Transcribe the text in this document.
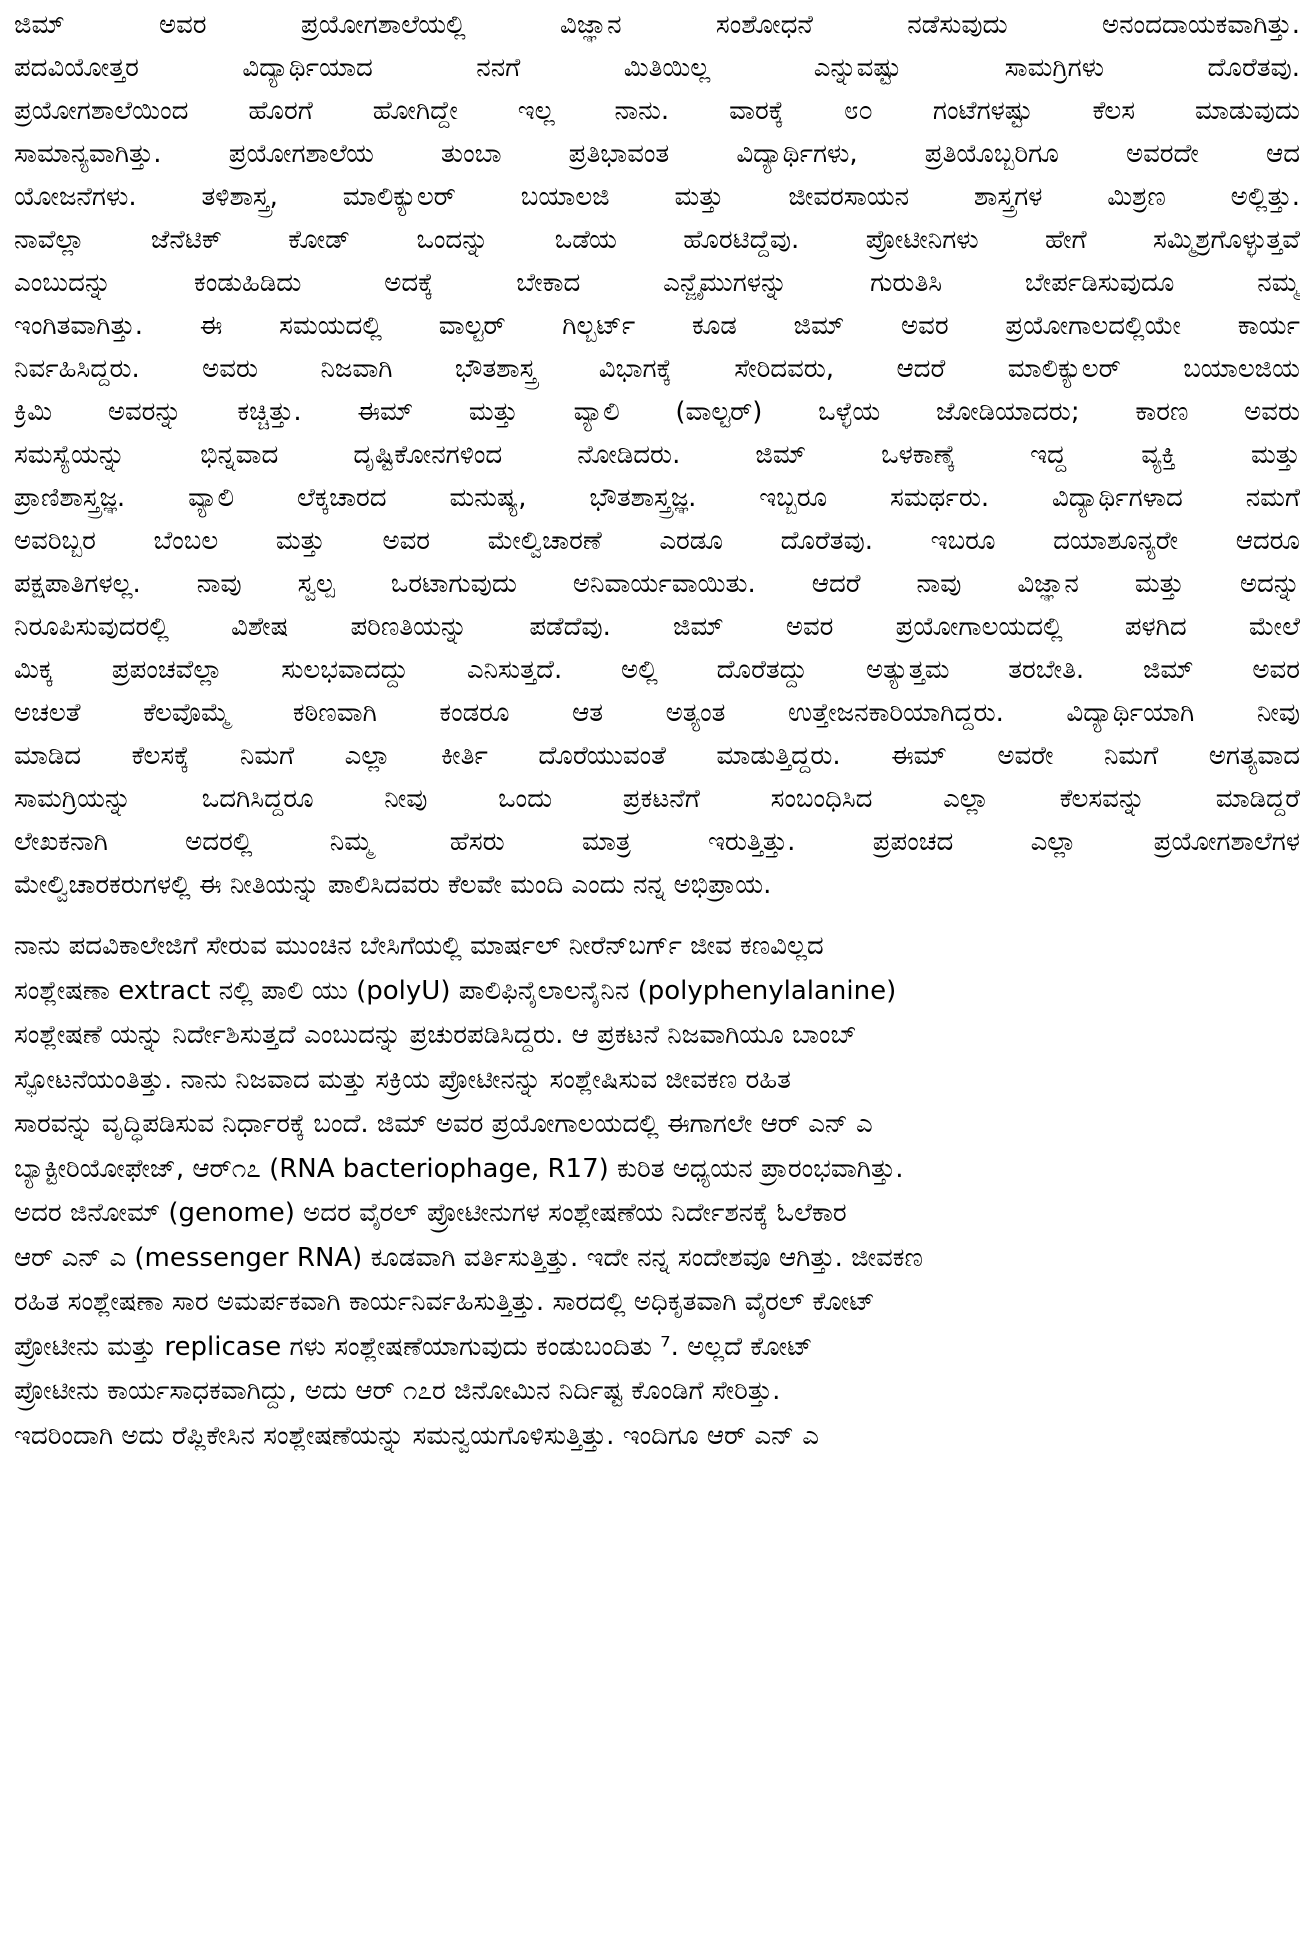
ಜಿಮ್ ಅವರ ಪ್ರಯೋಗಶಾಲೆಯಲ್ಲಿ ವಿಜ್ಞಾನ ಸಂಶೋಧನೆ ನಡೆಸುವುದು ಅನಂದದಾಯಕವಾಗಿತ್ತು.
ಪದವಿಯೋತ್ತರ ವಿದ್ಯಾರ್ಥಿಯಾದ ನನಗೆ ಮಿತಿಯಿಲ್ಲ ಎನ್ನುವಷ್ಟು ಸಾಮಗ್ರಿಗಳು ದೊರೆತವು.
ಪ್ರಯೋಗಶಾಲೆಯಿಂದ ಹೊರಗೆ ಹೋಗಿದ್ದೇ ಇಲ್ಲ ನಾನು. ವಾರಕ್ಕೆ ೮೦ ಗಂಟೆಗಳಷ್ಟು ಕೆಲಸ ಮಾಡುವುದು
ಸಾಮಾನ್ಯವಾಗಿತ್ತು. ಪ್ರಯೋಗಶಾಲೆಯ ತುಂಬಾ ಪ್ರತಿಭಾವಂತ ವಿದ್ಯಾರ್ಥಿಗಳು, ಪ್ರತಿಯೊಬ್ಬರಿಗೂ ಅವರದೇ ಆದ
ಯೋಜನೆಗಳು. ತಳಿಶಾಸ್ತ್ರ, ಮಾಲಿಕ್ಯುಲರ್ ಬಯಾಲಜಿ ಮತ್ತು ಜೀವರಸಾಯನ ಶಾಸ್ತ್ರಗಳ ಮಿಶ್ರಣ ಅಲ್ಲಿತ್ತು.
ನಾವೆಲ್ಲಾ ಜೆನೆಟಿಕ್ ಕೋಡ್ ಒಂದನ್ನು ಒಡೆಯ ಹೊರಟಿದ್ದೆವು. ಪ್ರೋಟೀನಿಗಳು ಹೇಗೆ ಸಮ್ಮಿಶ್ರಗೊಳ್ಳುತ್ತವೆ
ಎಂಬುದನ್ನು ಕಂಡುಹಿಡಿದು ಅದಕ್ಕೆ ಬೇಕಾದ ಎನ್ಜೈಮುಗಳನ್ನು ಗುರುತಿಸಿ ಬೇರ್ಪಡಿಸುವುದೂ ನಮ್ಮ
ಇಂಗಿತವಾಗಿತ್ತು. ಈ ಸಮಯದಲ್ಲಿ ವಾಲ್ಟರ್ ಗಿಲ್ಬರ್ಟ್ ಕೂಡ ಜಿಮ್ ಅವರ ಪ್ರಯೋಗಾಲದಲ್ಲಿಯೇ ಕಾರ್ಯ
ನಿರ್ವಹಿಸಿದ್ದರು. ಅವರು ನಿಜವಾಗಿ ಭೌತಶಾಸ್ತ್ರ ವಿಭಾಗಕ್ಕೆ ಸೇರಿದವರು, ಆದರೆ ಮಾಲಿಕ್ಯುಲರ್ ಬಯಾಲಜಿಯ
ಕ್ರಿಮಿ ಅವರನ್ನು ಕಚ್ಚಿತ್ತು. ಈಮ್ ಮತ್ತು ವ್ಯಾಲಿ (ವಾಲ್ಟರ್) ಒಳ್ಳೆಯ ಜೋಡಿಯಾದರು; ಕಾರಣ ಅವರು
ಸಮಸ್ಯೆಯನ್ನು ಭಿನ್ನವಾದ ದೃಷ್ಟಿಕೋನಗಳಿಂದ ನೋಡಿದರು. ಜಿಮ್ ಒಳಕಾಣ್ಕೆ ಇದ್ದ ವ್ಯಕ್ತಿ ಮತ್ತು
ಪ್ರಾಣಿಶಾಸ್ತ್ರಜ್ಞ. ವ್ಯಾಲಿ ಲೆಕ್ಕಚಾರದ ಮನುಷ್ಯ, ಭೌತಶಾಸ್ತ್ರಜ್ಞ. ಇಬ್ಬರೂ ಸಮರ್ಥರು. ವಿದ್ಯಾರ್ಥಿಗಳಾದ ನಮಗೆ
ಅವರಿಬ್ಬರ ಬೆಂಬಲ ಮತ್ತು ಅವರ ಮೇಲ್ವಿಚಾರಣೆ ಎರಡೂ ದೊರೆತವು. ಇಬರೂ ದಯಾಶೂನ್ಯರೇ ಆದರೂ
ಪಕ್ಷಪಾತಿಗಳಲ್ಲ. ನಾವು ಸ್ವಲ್ಪ ಒರಟಾಗುವುದು ಅನಿವಾರ್ಯವಾಯಿತು. ಆದರೆ ನಾವು ವಿಜ್ಞಾನ ಮತ್ತು ಅದನ್ನು
ನಿರೂಪಿಸುವುದರಲ್ಲಿ ವಿಶೇಷ ಪರಿಣತಿಯನ್ನು ಪಡೆದೆವು. ಜಿಮ್ ಅವರ ಪ್ರಯೋಗಾಲಯದಲ್ಲಿ ಪಳಗಿದ ಮೇಲೆ
ಮಿಕ್ಕ ಪ್ರಪಂಚವೆಲ್ಲಾ ಸುಲಭವಾದದ್ದು ಎನಿಸುತ್ತದೆ. ಅಲ್ಲಿ ದೊರೆತದ್ದು ಅತ್ಯುತ್ತಮ ತರಬೇತಿ. ಜಿಮ್ ಅವರ
ಅಚಲತೆ ಕೆಲವೊಮ್ಮೆ ಕಠಿಣವಾಗಿ ಕಂಡರೂ ಆತ ಅತ್ಯಂತ ಉತ್ತೇಜನಕಾರಿಯಾಗಿದ್ದರು. ವಿದ್ಯಾರ್ಥಿಯಾಗಿ ನೀವು
ಮಾಡಿದ ಕೆಲಸಕ್ಕೆ ನಿಮಗೆ ಎಲ್ಲಾ ಕೀರ್ತಿ ದೊರೆಯುವಂತೆ ಮಾಡುತ್ತಿದ್ದರು. ಈಮ್ ಅವರೇ ನಿಮಗೆ ಅಗತ್ಯವಾದ
ಸಾಮಗ್ರಿಯನ್ನು ಒದಗಿಸಿದ್ದರೂ ನೀವು ಒಂದು ಪ್ರಕಟನೆಗೆ ಸಂಬಂಧಿಸಿದ ಎಲ್ಲಾ ಕೆಲಸವನ್ನು ಮಾಡಿದ್ದರೆ
ಲೇಖಕನಾಗಿ ಅದರಲ್ಲಿ ನಿಮ್ಮ ಹೆಸರು ಮಾತ್ರ ಇರುತ್ತಿತ್ತು. ಪ್ರಪಂಚದ ಎಲ್ಲಾ ಪ್ರಯೋಗಶಾಲೆಗಳ
ಮೇಲ್ವಿಚಾರಕರುಗಳಲ್ಲಿ ಈ ನೀತಿಯನ್ನು ಪಾಲಿಸಿದವರು ಕೆಲವೇ ಮಂದಿ ಎಂದು ನನ್ನ ಅಭಿಪ್ರಾಯ.
ನಾನು ಪದವಿಕಾಲೇಜಿಗೆ ಸೇರುವ ಮುಂಚಿನ ಬೇಸಿಗೆಯಲ್ಲಿ ಮಾರ್ಷಲ್ ನೀರೆನ್‌ಬರ್ಗ್ ಜೀವ ಕಣವಿಲ್ಲದ
ಸಂಶ್ಲೇಷಣಾ extract ನಲ್ಲಿ ಪಾಲಿ ಯು (polyU) ಪಾಲಿಫಿನೈಲಾಲನೈನಿನ (polyphenylalanine)
ಸಂಶ್ಲೇಷಣೆ ಯನ್ನು ನಿರ್ದೇಶಿಸುತ್ತದೆ ಎಂಬುದನ್ನು ಪ್ರಚುರಪಡಿಸಿದ್ದರು. ಆ ಪ್ರಕಟನೆ ನಿಜವಾಗಿಯೂ ಬಾಂಬ್
ಸ್ಫೋಟನೆಯಂತಿತ್ತು. ನಾನು ನಿಜವಾದ ಮತ್ತು ಸಕ್ರಿಯ ಪ್ರೋಟೀನನ್ನು ಸಂಶ್ಲೇಷಿಸುವ ಜೀವಕಣ ರಹಿತ
ಸಾರವನ್ನು ವೃದ್ಧಿಪಡಿಸುವ ನಿರ್ಧಾರಕ್ಕೆ ಬಂದೆ. ಜಿಮ್ ಅವರ ಪ್ರಯೋಗಾಲಯದಲ್ಲಿ ಈಗಾಗಲೇ ಆರ್ ಎನ್ ಎ
ಬ್ಯಾಕ್ಟೀರಿಯೋಫೇಜ್, ಆರ್೧೭ (RNA bacteriophage, R17) ಕುರಿತ ಅಧ್ಯಯನ ಪ್ರಾರಂಭವಾಗಿತ್ತು.
ಅದರ ಜಿನೋಮ್ (genome) ಅದರ ವೈರಲ್ ಪ್ರೋಟೀನುಗಳ ಸಂಶ್ಲೇಷಣೆಯ ನಿರ್ದೇಶನಕ್ಕೆ ಓಲೆಕಾರ
ಆರ್ ಎನ್ ಎ (messenger RNA) ಕೂಡವಾಗಿ ವರ್ತಿಸುತ್ತಿತ್ತು. ಇದೇ ನನ್ನ ಸಂದೇಶವೂ ಆಗಿತ್ತು. ಜೀವಕಣ
ರಹಿತ ಸಂಶ್ಲೇಷಣಾ ಸಾರ ಅಮರ್ಪಕವಾಗಿ ಕಾರ್ಯನಿರ್ವಹಿಸುತ್ತಿತ್ತು. ಸಾರದಲ್ಲಿ ಅಧಿಕೃತವಾಗಿ ವೈರಲ್ ಕೋಟ್
ಪ್ರೋಟೀನು ಮತ್ತು replicase ಗಳು ಸಂಶ್ಲೇಷಣೆಯಾಗುವುದು ಕಂಡುಬಂದಿತು ⁷. ಅಲ್ಲದೆ ಕೋಟ್
ಪ್ರೋಟೀನು ಕಾರ್ಯಸಾಧಕವಾಗಿದ್ದು, ಅದು ಆರ್ ೧೭ರ ಜಿನೋಮಿನ ನಿರ್ದಿಷ್ಟ ಕೊಂಡಿಗೆ ಸೇರಿತ್ತು.
ಇದರಿಂದಾಗಿ ಅದು ರೆಪ್ಲಿಕೇಸಿನ ಸಂಶ್ಲೇಷಣೆಯನ್ನು ಸಮನ್ವಯಗೊಳಿಸುತ್ತಿತ್ತು. ಇಂದಿಗೂ ಆರ್ ಎನ್ ಎ
